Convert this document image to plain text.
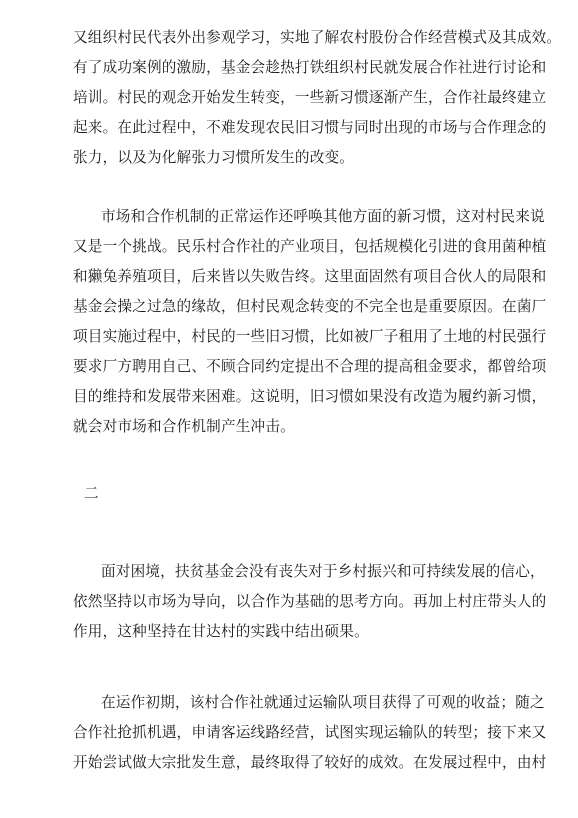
又组织村民代表外出参观学习，实地了解农村股份合作经营模式及其成效。
有了成功案例的激励，基金会趁热打铁组织村民就发展合作社进行讨论和
培训。村民的观念开始发生转变，一些新习惯逐渐产生，合作社最终建立
起来。在此过程中，不难发现农民旧习惯与同时出现的市场与合作理念的
张力，以及为化解张力习惯所发生的改变。
市场和合作机制的正常运作还呼唤其他方面的新习惯，这对村民来说
又是一个挑战。民乐村合作社的产业项目，包括规模化引进的食用菌种植
和獭兔养殖项目，后来皆以失败告终。这里面固然有项目合伙人的局限和
基金会操之过急的缘故，但村民观念转变的不完全也是重要原因。在菌厂
项目实施过程中，村民的一些旧习惯，比如被厂子租用了土地的村民强行
要求厂方聘用自己、不顾合同约定提出不合理的提高租金要求，都曾给项
目的维持和发展带来困难。这说明，旧习惯如果没有改造为履约新习惯，
就会对市场和合作机制产生冲击。
二
面对困境，扶贫基金会没有丧失对于乡村振兴和可持续发展的信心，
依然坚持以市场为导向，以合作为基础的思考方向。再加上村庄带头人的
作用，这种坚持在甘达村的实践中结出硕果。
在运作初期，该村合作社就通过运输队项目获得了可观的收益；随之
合作社抢抓机遇，申请客运线路经营，试图实现运输队的转型；接下来又
开始尝试做大宗批发生意，最终取得了较好的成效。在发展过程中，由村
